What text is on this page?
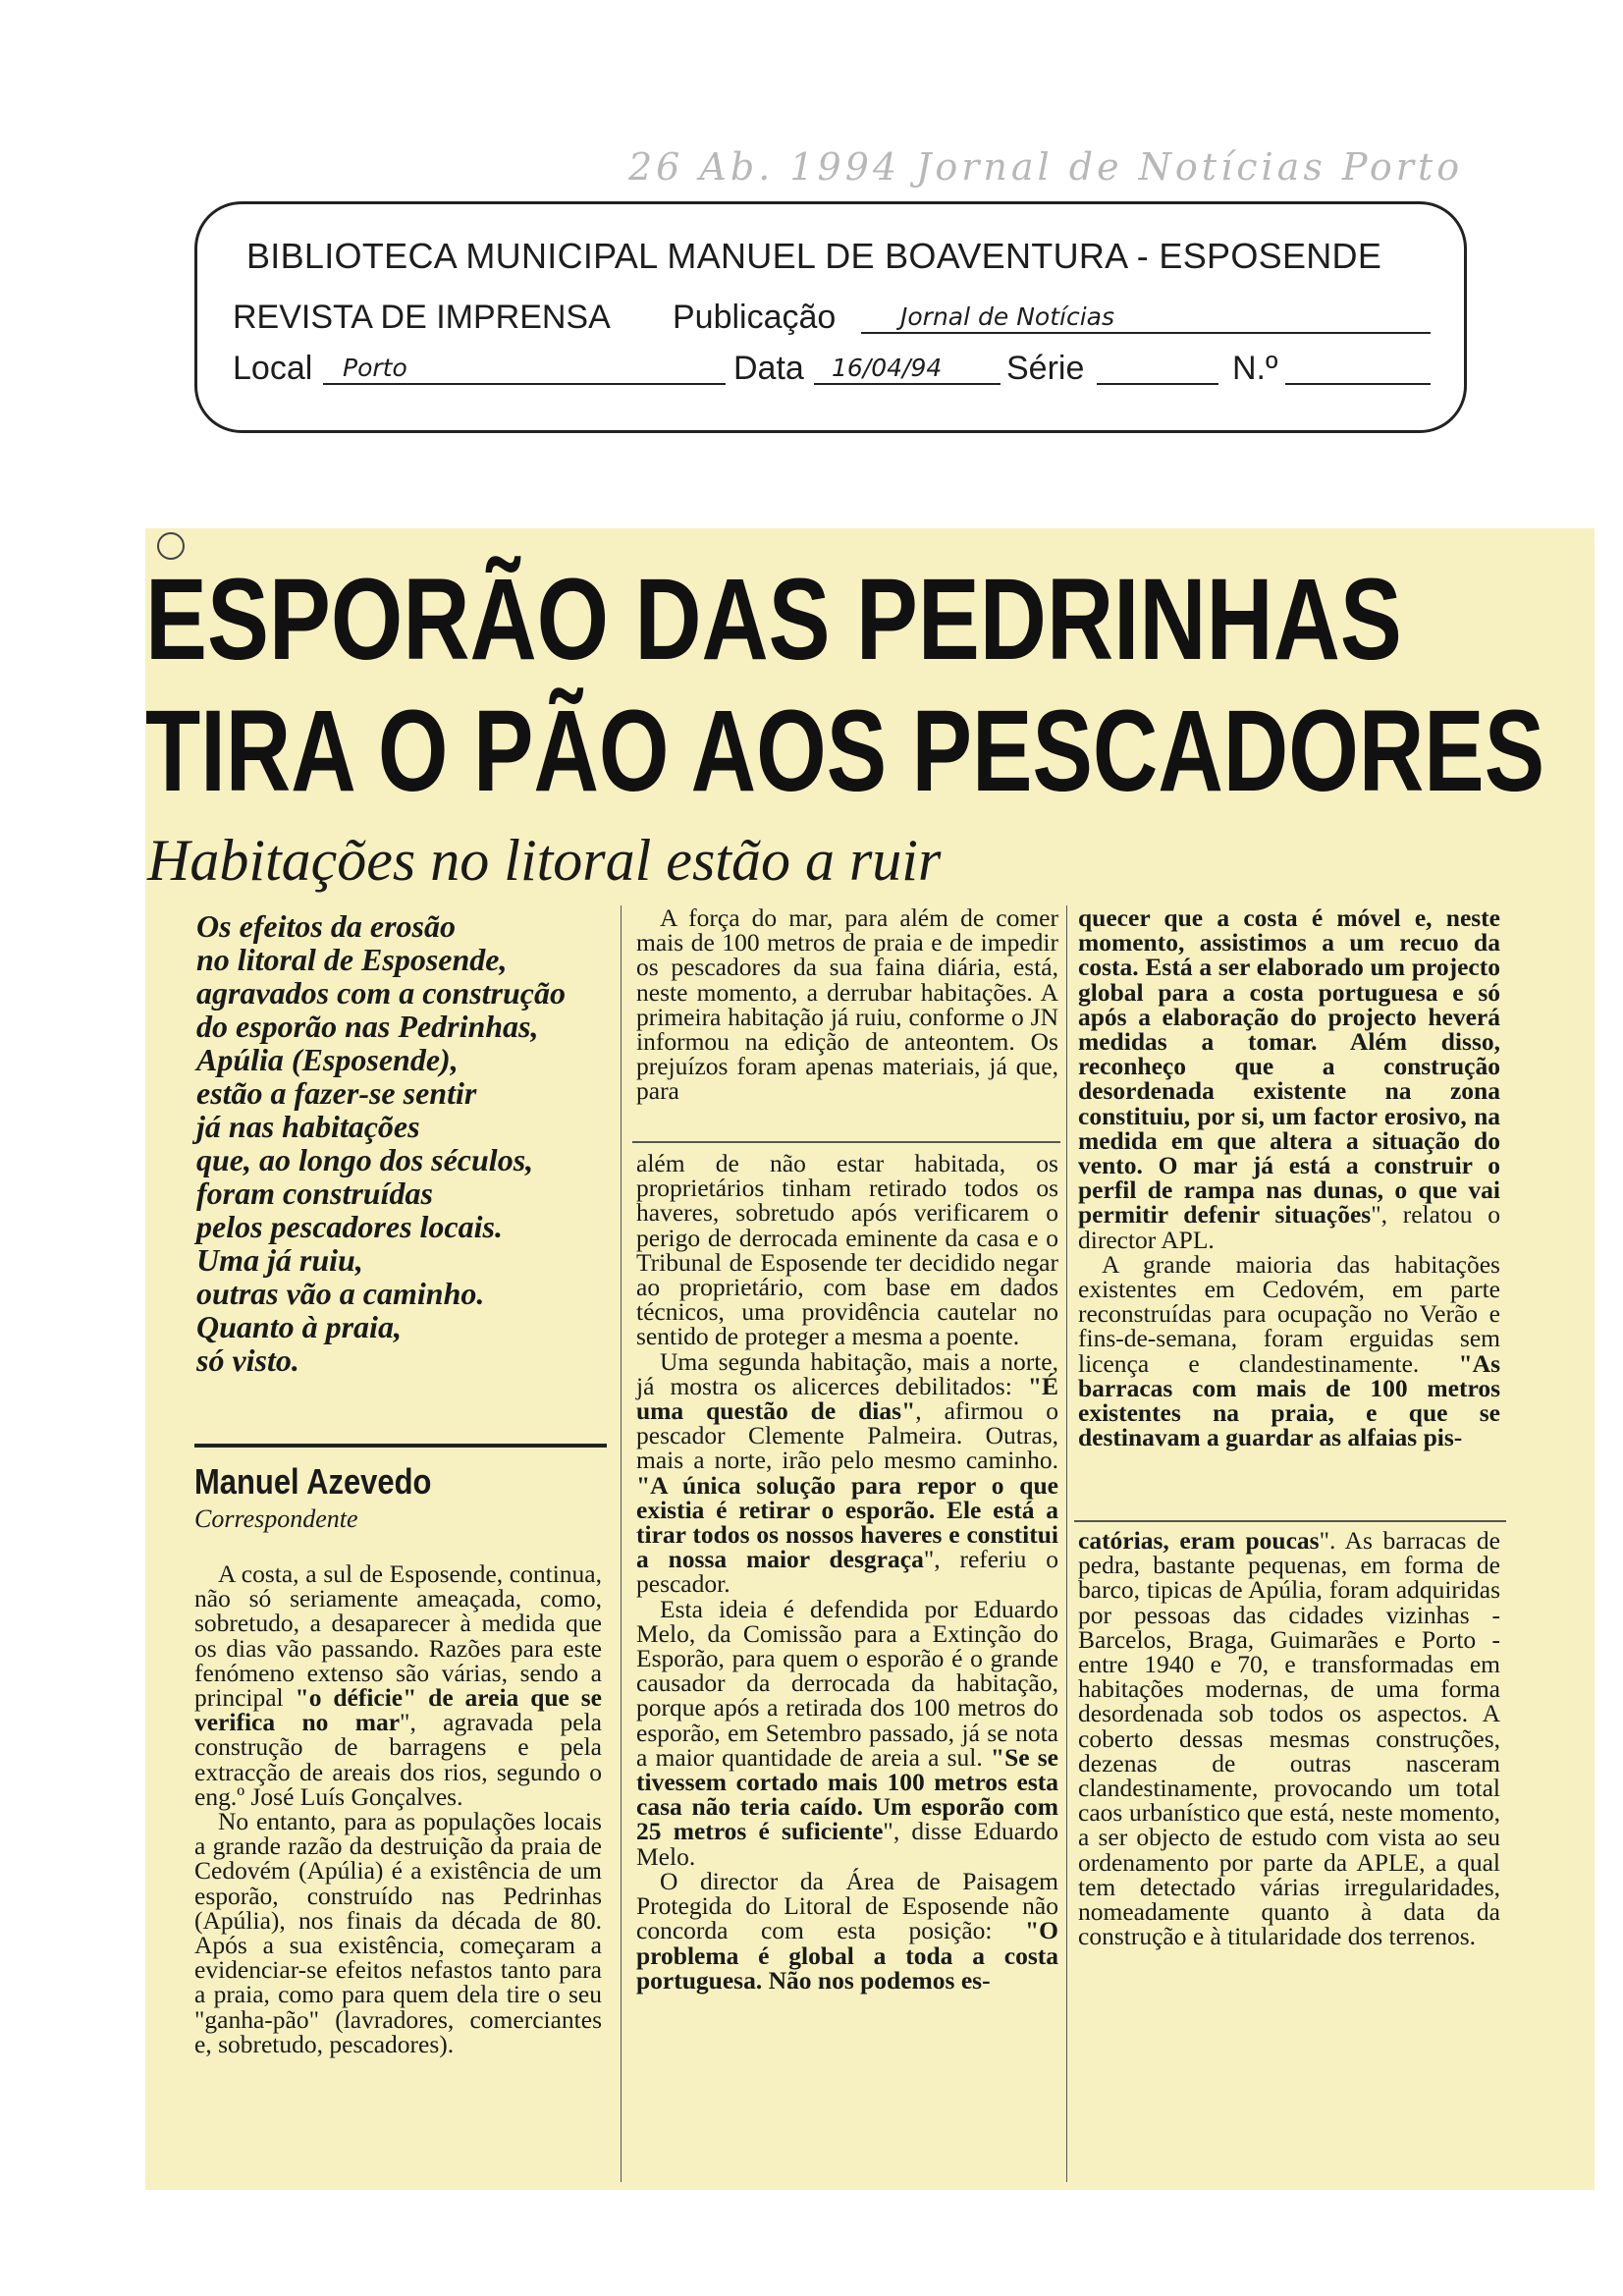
26 Ab. 1994 Jornal de Notícias Porto
BIBLIOTECA MUNICIPAL MANUEL DE BOAVENTURA - ESPOSENDE
REVISTA DE IMPRENSA Publicação	Jornal de Notícias
Local Porto	Data 16/04/94 Série	N.º
ESPORÃO DAS PEDRINHAS
TIRA O PÃO AOS PESCADORES
Habitações no litoral estão a ruir
Os efeitos da erosão
no litoral de Esposende,
agravados com a construção
do esporão nas Pedrinhas,
Apúlia (Esposende),
estão a fazer-se sentir
já nas habitações
que, ao longo dos séculos,
foram construídas
pelos pescadores locais.
Uma já ruiu,
outras vão a caminho.
Quanto à praia,
só visto.
Manuel Azevedo
Correspondente

A costa, a sul de Esposende, continua, não só seriamente ameaçada, como, sobretudo, a desaparecer à medida que os dias vão passando. Razões para este fenómeno extenso são várias, sendo a principal "o déficie" de areia que se verifica no mar", agravada pela construção de barragens e pela extracção de areais dos rios, segundo o eng.º José Luís Gonçalves.

No entanto, para as populações locais a grande razão da destruição da praia de Cedovém (Apúlia) é a existência de um esporão, construído nas Pedrinhas (Apúlia), nos finais da década de 80. Após a sua existência, começaram a evidenciar-se efeitos nefastos tanto para a praia, como para quem dela tire o seu "ganha-pão" (lavradores, comerciantes e, sobretudo, pescadores).

A força do mar, para além de comer mais de 100 metros de praia e de impedir os pescadores da sua faina diária, está, neste momento, a derrubar habitações. A primeira habitação já ruiu, conforme o JN informou na edição de anteontem. Os prejuízos foram apenas materiais, já que, para

além de não estar habitada, os proprietários tinham retirado todos os haveres, sobretudo após verificarem o perigo de derrocada eminente da casa e o Tribunal de Esposende ter decidido negar ao proprietário, com base em dados técnicos, uma providência cautelar no sentido de proteger a mesma a poente.

Uma segunda habitação, mais a norte, já mostra os alicerces debilitados: "É uma questão de dias", afirmou o pescador Clemente Palmeira. Outras, mais a norte, irão pelo mesmo caminho. "A única solução para repor o que existia é retirar o esporão. Ele está a tirar todos os nossos haveres e constitui a nossa maior desgraça", referiu o pescador.

Esta ideia é defendida por Eduardo Melo, da Comissão para a Extinção do Esporão, para quem o esporão é o grande causador da derrocada da habitação, porque após a retirada dos 100 metros do esporão, em Setembro passado, já se nota a maior quantidade de areia a sul. "Se se tivessem cortado mais 100 metros esta casa não teria caído. Um esporão com 25 metros é suficiente", disse Eduardo Melo.

O director da Área de Paisagem Protegida do Litoral de Esposende não concorda com esta posição: "O problema é global a toda a costa portuguesa. Não nos podemos es-

quecer que a costa é móvel e, neste momento, assistimos a um recuo da costa. Está a ser elaborado um projecto global para a costa portuguesa e só após a elaboração do projecto heverá medidas a tomar. Além disso, reconheço que a construção desordenada existente na zona constituiu, por si, um factor erosivo, na medida em que altera a situação do vento. O mar já está a construir o perfil de rampa nas dunas, o que vai permitir defenir situações", relatou o director APL.

A grande maioria das habitações existentes em Cedovém, em parte reconstruídas para ocupação no Verão e fins-de-semana, foram erguidas sem licença e clandestinamente. "As barracas com mais de 100 metros existentes na praia, e que se destinavam a guardar as alfaias pis-

catórias, eram poucas". As barracas de pedra, bastante pequenas, em forma de barco, tipicas de Apúlia, foram adquiridas por pessoas das cidades vizinhas - Barcelos, Braga, Guimarães e Porto - entre 1940 e 70, e transformadas em habitações modernas, de uma forma desordenada sob todos os aspectos. A coberto dessas mesmas construções, dezenas de outras nasceram clandestinamente, provocando um total caos urbanístico que está, neste momento, a ser objecto de estudo com vista ao seu ordenamento por parte da APLE, a qual tem detectado várias irregularidades, nomeadamente quanto à data da construção e à titularidade dos terrenos.
